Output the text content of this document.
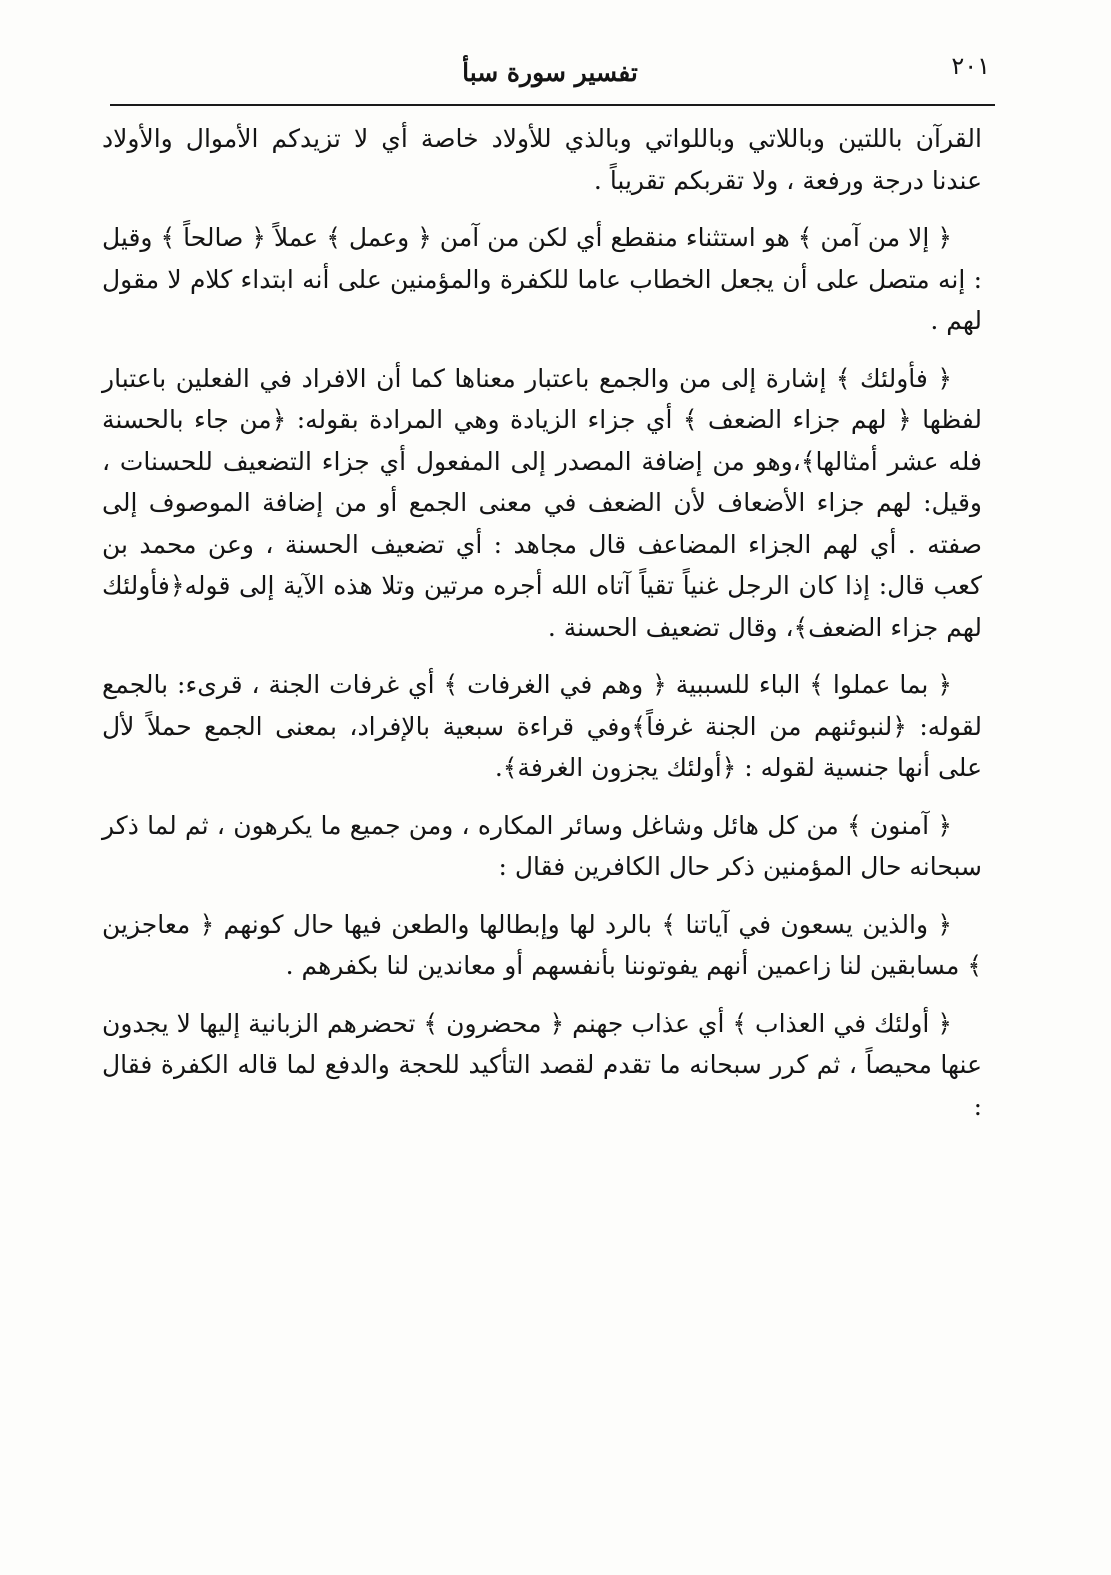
تفسير سورة سبأ	٢٠١

القرآن باللتين وباللاتي وباللواتي وبالذي للأولاد خاصة أي لا تزيدكم الأموال والأولاد عندنا درجة ورفعة ، ولا تقربكم تقريباً .

﴿ إلا من آمن ﴾ هو استثناء منقطع أي لكن من آمن ﴿ وعمل ﴾ عملاً ﴿ صالحاً ﴾ وقيل : إنه متصل على أن يجعل الخطاب عاما للكفرة والمؤمنين على أنه ابتداء كلام لا مقول لهم .

﴿ فأولئك ﴾ إشارة إلى من والجمع باعتبار معناها كما أن الافراد في الفعلين باعتبار لفظها ﴿ لهم جزاء الضعف ﴾ أي جزاء الزيادة وهي المرادة بقوله: ﴿من جاء بالحسنة فله عشر أمثالها﴾،وهو من إضافة المصدر إلى المفعول أي جزاء التضعيف للحسنات ، وقيل: لهم جزاء الأضعاف لأن الضعف في معنى الجمع أو من إضافة الموصوف إلى صفته . أي لهم الجزاء المضاعف قال مجاهد : أي تضعيف الحسنة ، وعن محمد بن كعب قال: إذا كان الرجل غنياً تقياً آتاه الله أجره مرتين وتلا هذه الآية إلى قوله﴿فأولئك لهم جزاء الضعف﴾، وقال تضعيف الحسنة .

﴿ بما عملوا ﴾ الباء للسببية ﴿ وهم في الغرفات ﴾ أي غرفات الجنة ، قرىء: بالجمع لقوله: ﴿لنبوئنهم من الجنة غرفاً﴾وفي قراءة سبعية بالإفراد، بمعنى الجمع حملاً لأل على أنها جنسية لقوله : ﴿أولئك يجزون الغرفة﴾.

﴿ آمنون ﴾ من كل هائل وشاغل وسائر المكاره ، ومن جميع ما يكرهون ، ثم لما ذكر سبحانه حال المؤمنين ذكر حال الكافرين فقال :

﴿ والذين يسعون في آياتنا ﴾ بالرد لها وإبطالها والطعن فيها حال كونهم ﴿ معاجزين ﴾ مسابقين لنا زاعمين أنهم يفوتوننا بأنفسهم أو معاندين لنا بكفرهم .

﴿ أولئك في العذاب ﴾ أي عذاب جهنم ﴿ محضرون ﴾ تحضرهم الزبانية إليها لا يجدون عنها محيصاً ، ثم كرر سبحانه ما تقدم لقصد التأكيد للحجة والدفع لما قاله الكفرة فقال :
